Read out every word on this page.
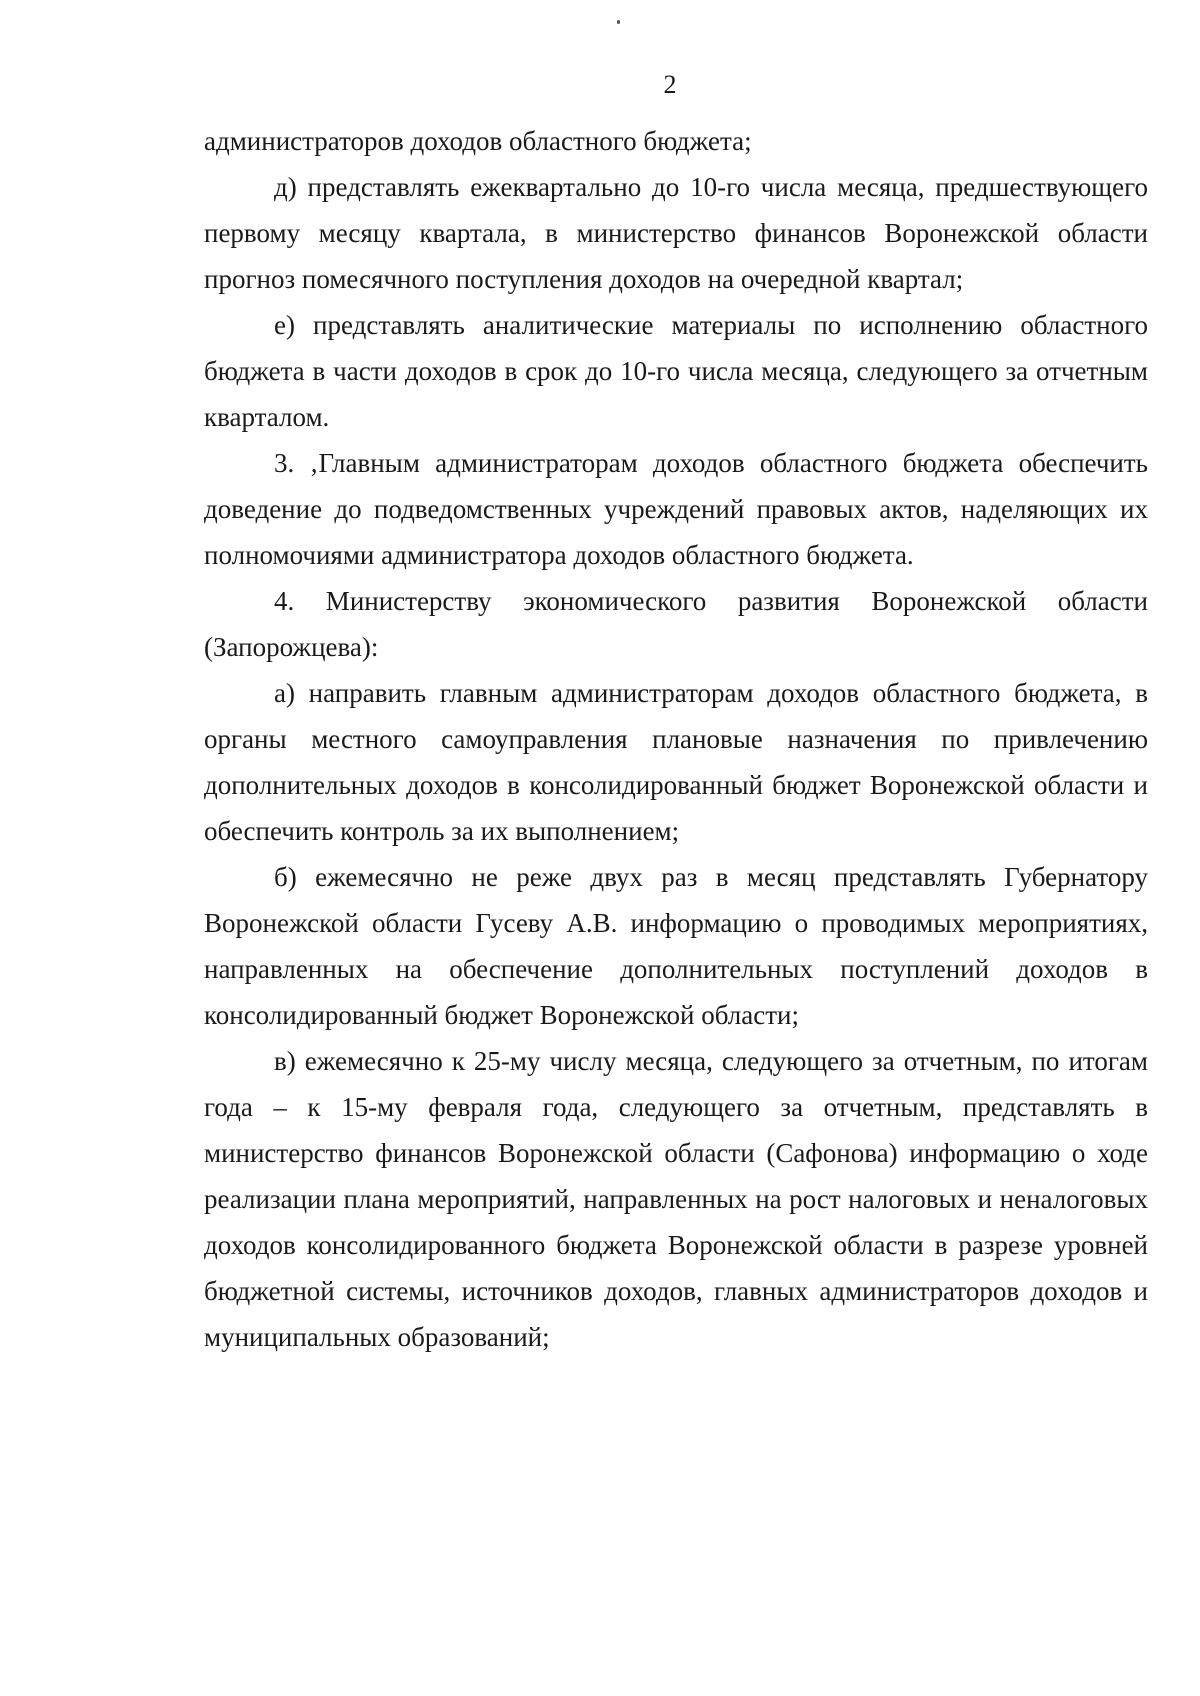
2

администраторов доходов областного бюджета;

д) представлять ежеквартально до 10-го числа месяца, предшествующего первому месяцу квартала, в министерство финансов Воронежской области прогноз помесячного поступления доходов на очередной квартал;

е) представлять аналитические материалы по исполнению областного бюджета в части доходов в срок до 10-го числа месяца, следующего за отчетным кварталом.

3. ‚Главным администраторам доходов областного бюджета обеспечить доведение до подведомственных учреждений правовых актов, наделяющих их полномочиями администратора доходов областного бюджета.

4. Министерству экономического развития Воронежской области (Запорожцева):

а) направить главным администраторам доходов областного бюджета, в органы местного самоуправления плановые назначения по привлечению дополнительных доходов в консолидированный бюджет Воронежской области и обеспечить контроль за их выполнением;

б) ежемесячно не реже двух раз в месяц представлять Губернатору Воронежской области Гусеву А.В. информацию о проводимых мероприятиях, направленных на обеспечение дополнительных поступлений доходов в консолидированный бюджет Воронежской области;

в) ежемесячно к 25-му числу месяца, следующего за отчетным, по итогам года – к 15-му февраля года, следующего за отчетным, представлять в министерство финансов Воронежской области (Сафонова) информацию о ходе реализации плана мероприятий, направленных на рост налоговых и неналоговых доходов консолидированного бюджета Воронежской области в разрезе уровней бюджетной системы, источников доходов, главных администраторов доходов и муниципальных образований;
